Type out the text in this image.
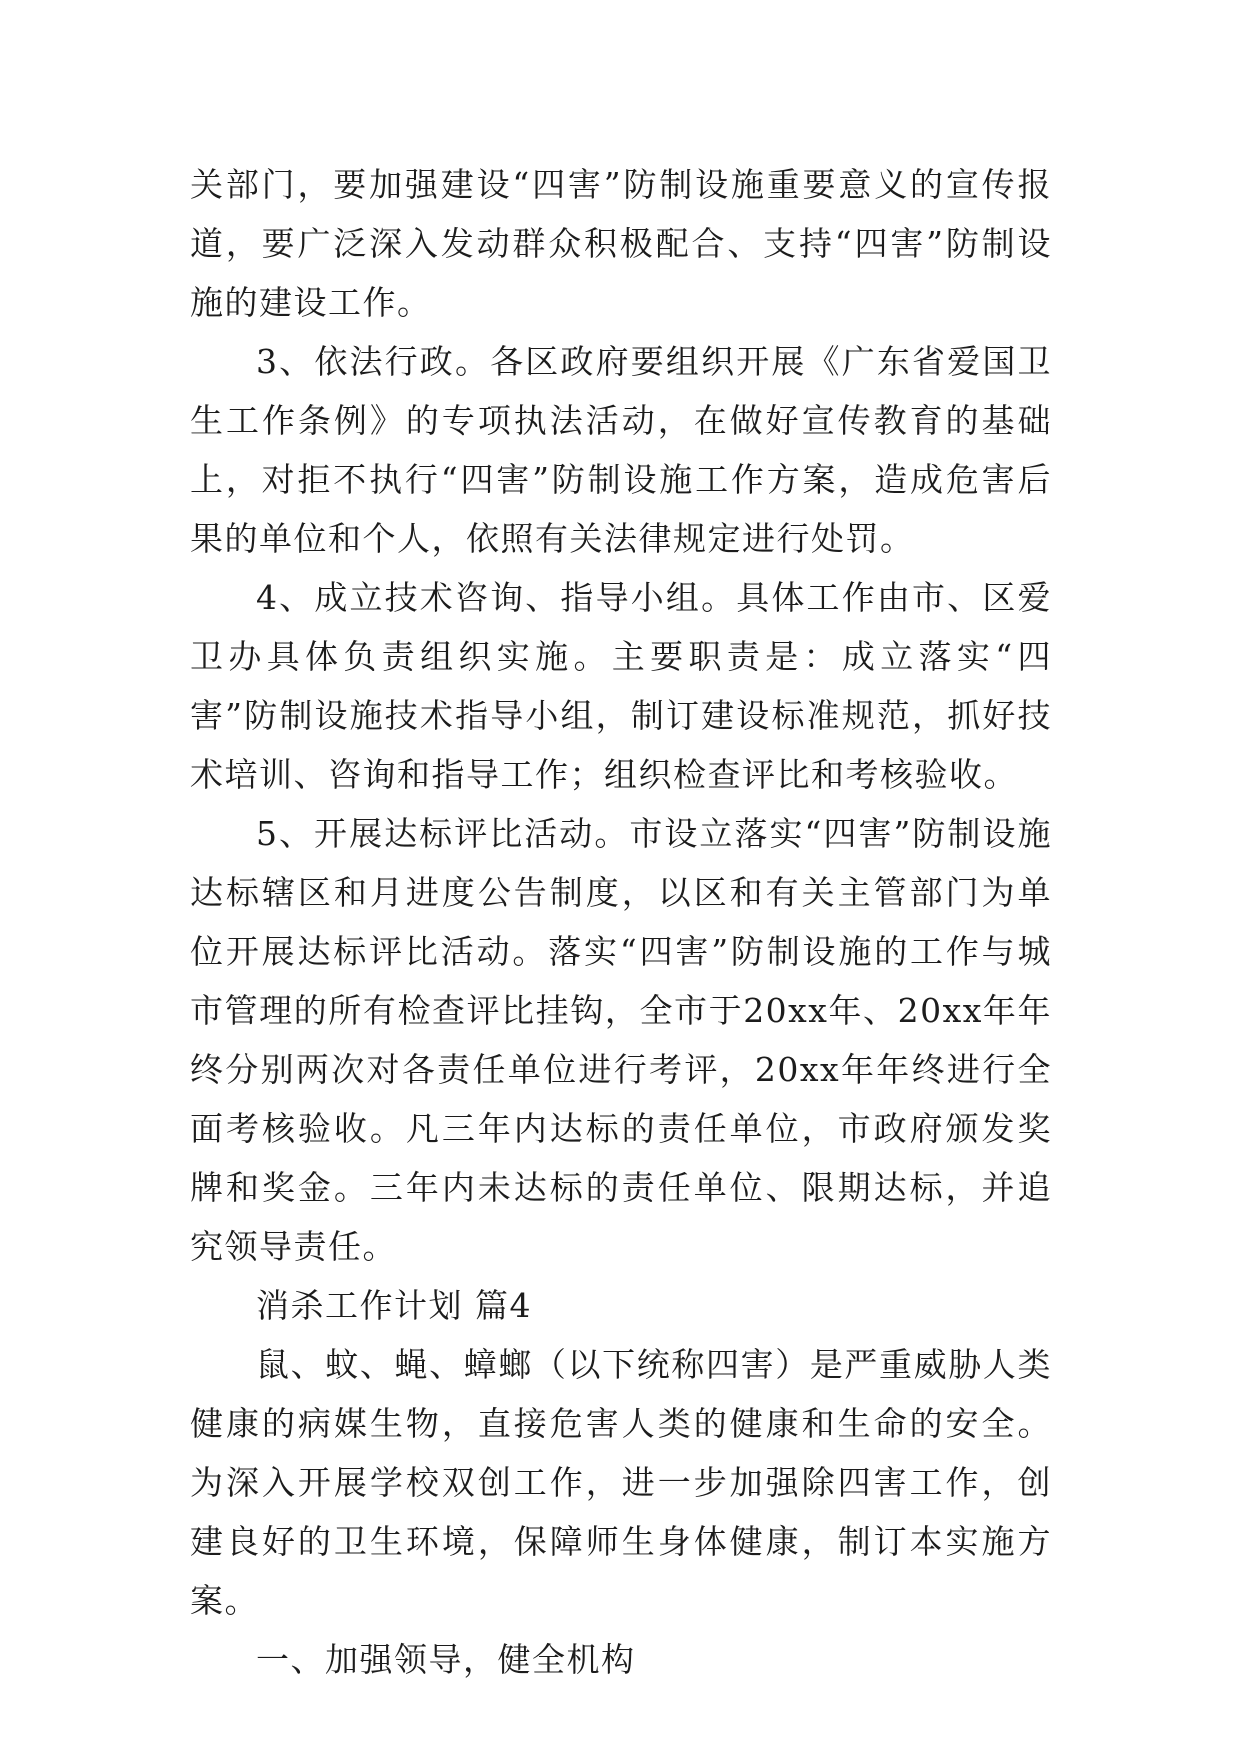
关部门，要加强建设“四害”防制设施重要意义的宣传报道，要广泛深入发动群众积极配合、支持“四害”防制设施的建设工作。

3、依法行政。各区政府要组织开展《广东省爱国卫生工作条例》的专项执法活动，在做好宣传教育的基础上，对拒不执行“四害”防制设施工作方案，造成危害后果的单位和个人，依照有关法律规定进行处罚。

4、成立技术咨询、指导小组。具体工作由市、区爱卫办具体负责组织实施。主要职责是：成立落实“四害”防制设施技术指导小组，制订建设标准规范，抓好技术培训、咨询和指导工作；组织检查评比和考核验收。

5、开展达标评比活动。市设立落实“四害”防制设施达标辖区和月进度公告制度，以区和有关主管部门为单位开展达标评比活动。落实“四害”防制设施的工作与城市管理的所有检查评比挂钩，全市于20xx年、20xx年年终分别两次对各责任单位进行考评，20xx年年终进行全面考核验收。凡三年内达标的责任单位，市政府颁发奖牌和奖金。三年内未达标的责任单位、限期达标，并追究领导责任。

消杀工作计划 篇4

鼠、蚊、蝇、蟑螂（以下统称四害）是严重威胁人类健康的病媒生物，直接危害人类的健康和生命的安全。为深入开展学校双创工作，进一步加强除四害工作，创建良好的卫生环境，保障师生身体健康，制订本实施方案。

一、加强领导，健全机构
